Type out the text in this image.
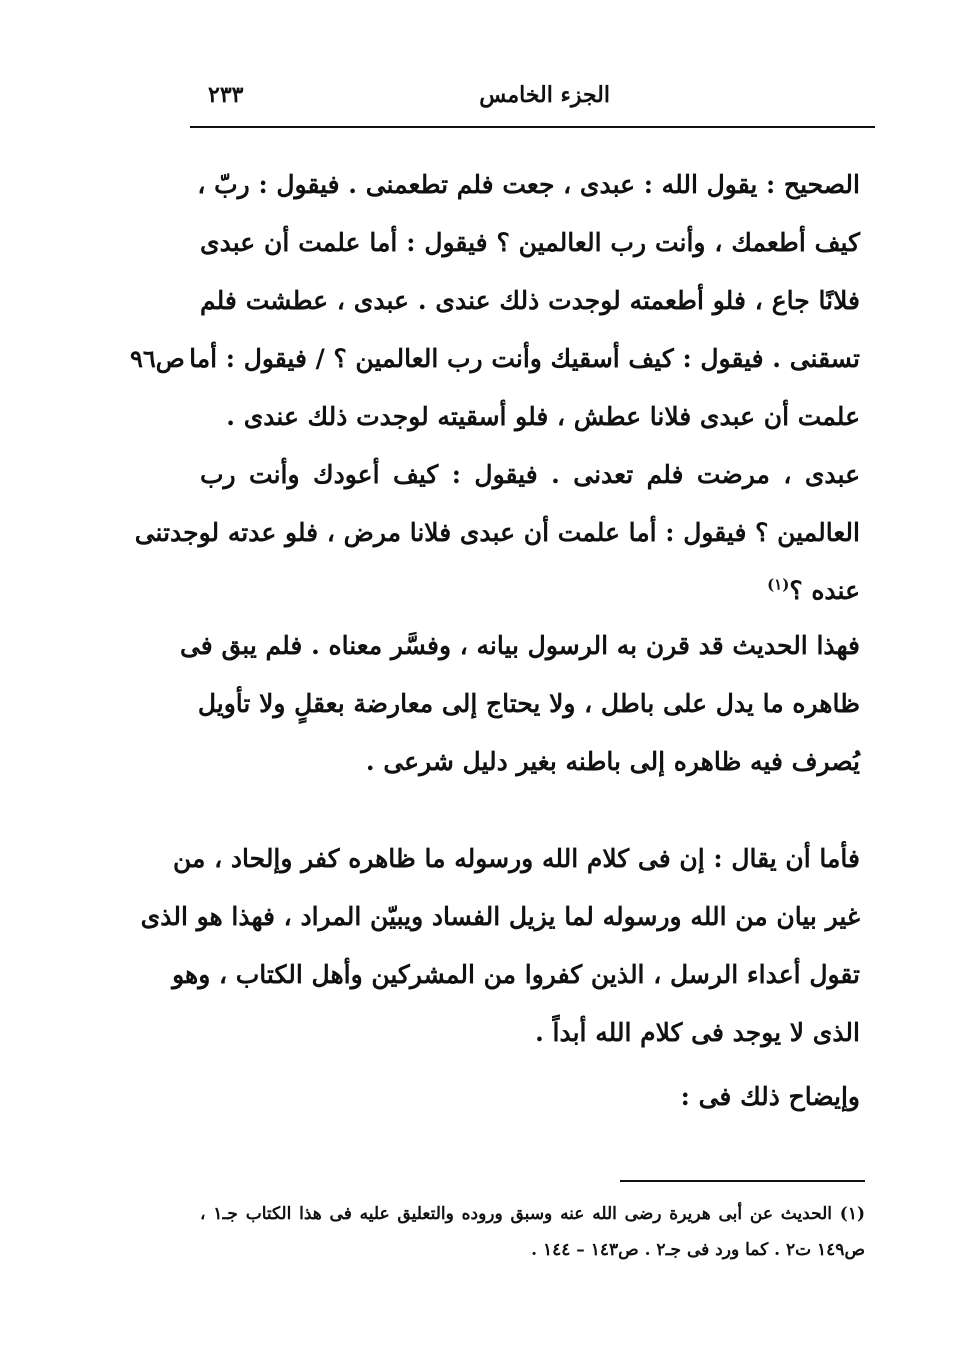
الجزء الخامس
٢٣٣
ص٩٦
الصحيح : يقول الله : عبدى ، جعت فلم تطعمنى . فيقول : ربّ ،
كيف أطعمك ، وأنت رب العالمين ؟ فيقول : أما علمت أن عبدى
فلانًا جاع ، فلو أطعمته لوجدت ذلك عندى . عبدى ، عطشت فلم
تسقنى . فيقول : كيف أسقيك وأنت رب العالمين ؟ / فيقول : أما
علمت أن عبدى فلانا عطش ، فلو أسقيته لوجدت ذلك عندى .
عبدى ، مرضت فلم تعدنى . فيقول : كيف أعودك وأنت رب
العالمين ؟ فيقول : أما علمت أن عبدى فلانا مرض ، فلو عدته لوجدتنى
عنده ؟$^{(١)}$
فهذا الحديث قد قرن به الرسول بيانه ، وفسَّر معناه . فلم يبق فى
ظاهره ما يدل على باطل ، ولا يحتاج إلى معارضة بعقلٍ ولا تأويل
يُصرف فيه ظاهره إلى باطنه بغير دليل شرعى .
فأما أن يقال : إن فى كلام الله ورسوله ما ظاهره كفر وإلحاد ، من
غير بيان من الله ورسوله لما يزيل الفساد ويبيّن المراد ، فهذا هو الذى
تقول أعداء الرسل ، الذين كفروا من المشركين وأهل الكتاب ، وهو
الذى لا يوجد فى كلام الله أبداً .
وإيضاح ذلك فى :
(١) الحديث عن أبى هريرة رضى الله عنه وسبق وروده والتعليق عليه فى هذا الكتاب جـ١ ،
ص١٤٩ ت٢ . كما ورد فى جـ٢ . ص١٤٣ – ١٤٤ .
